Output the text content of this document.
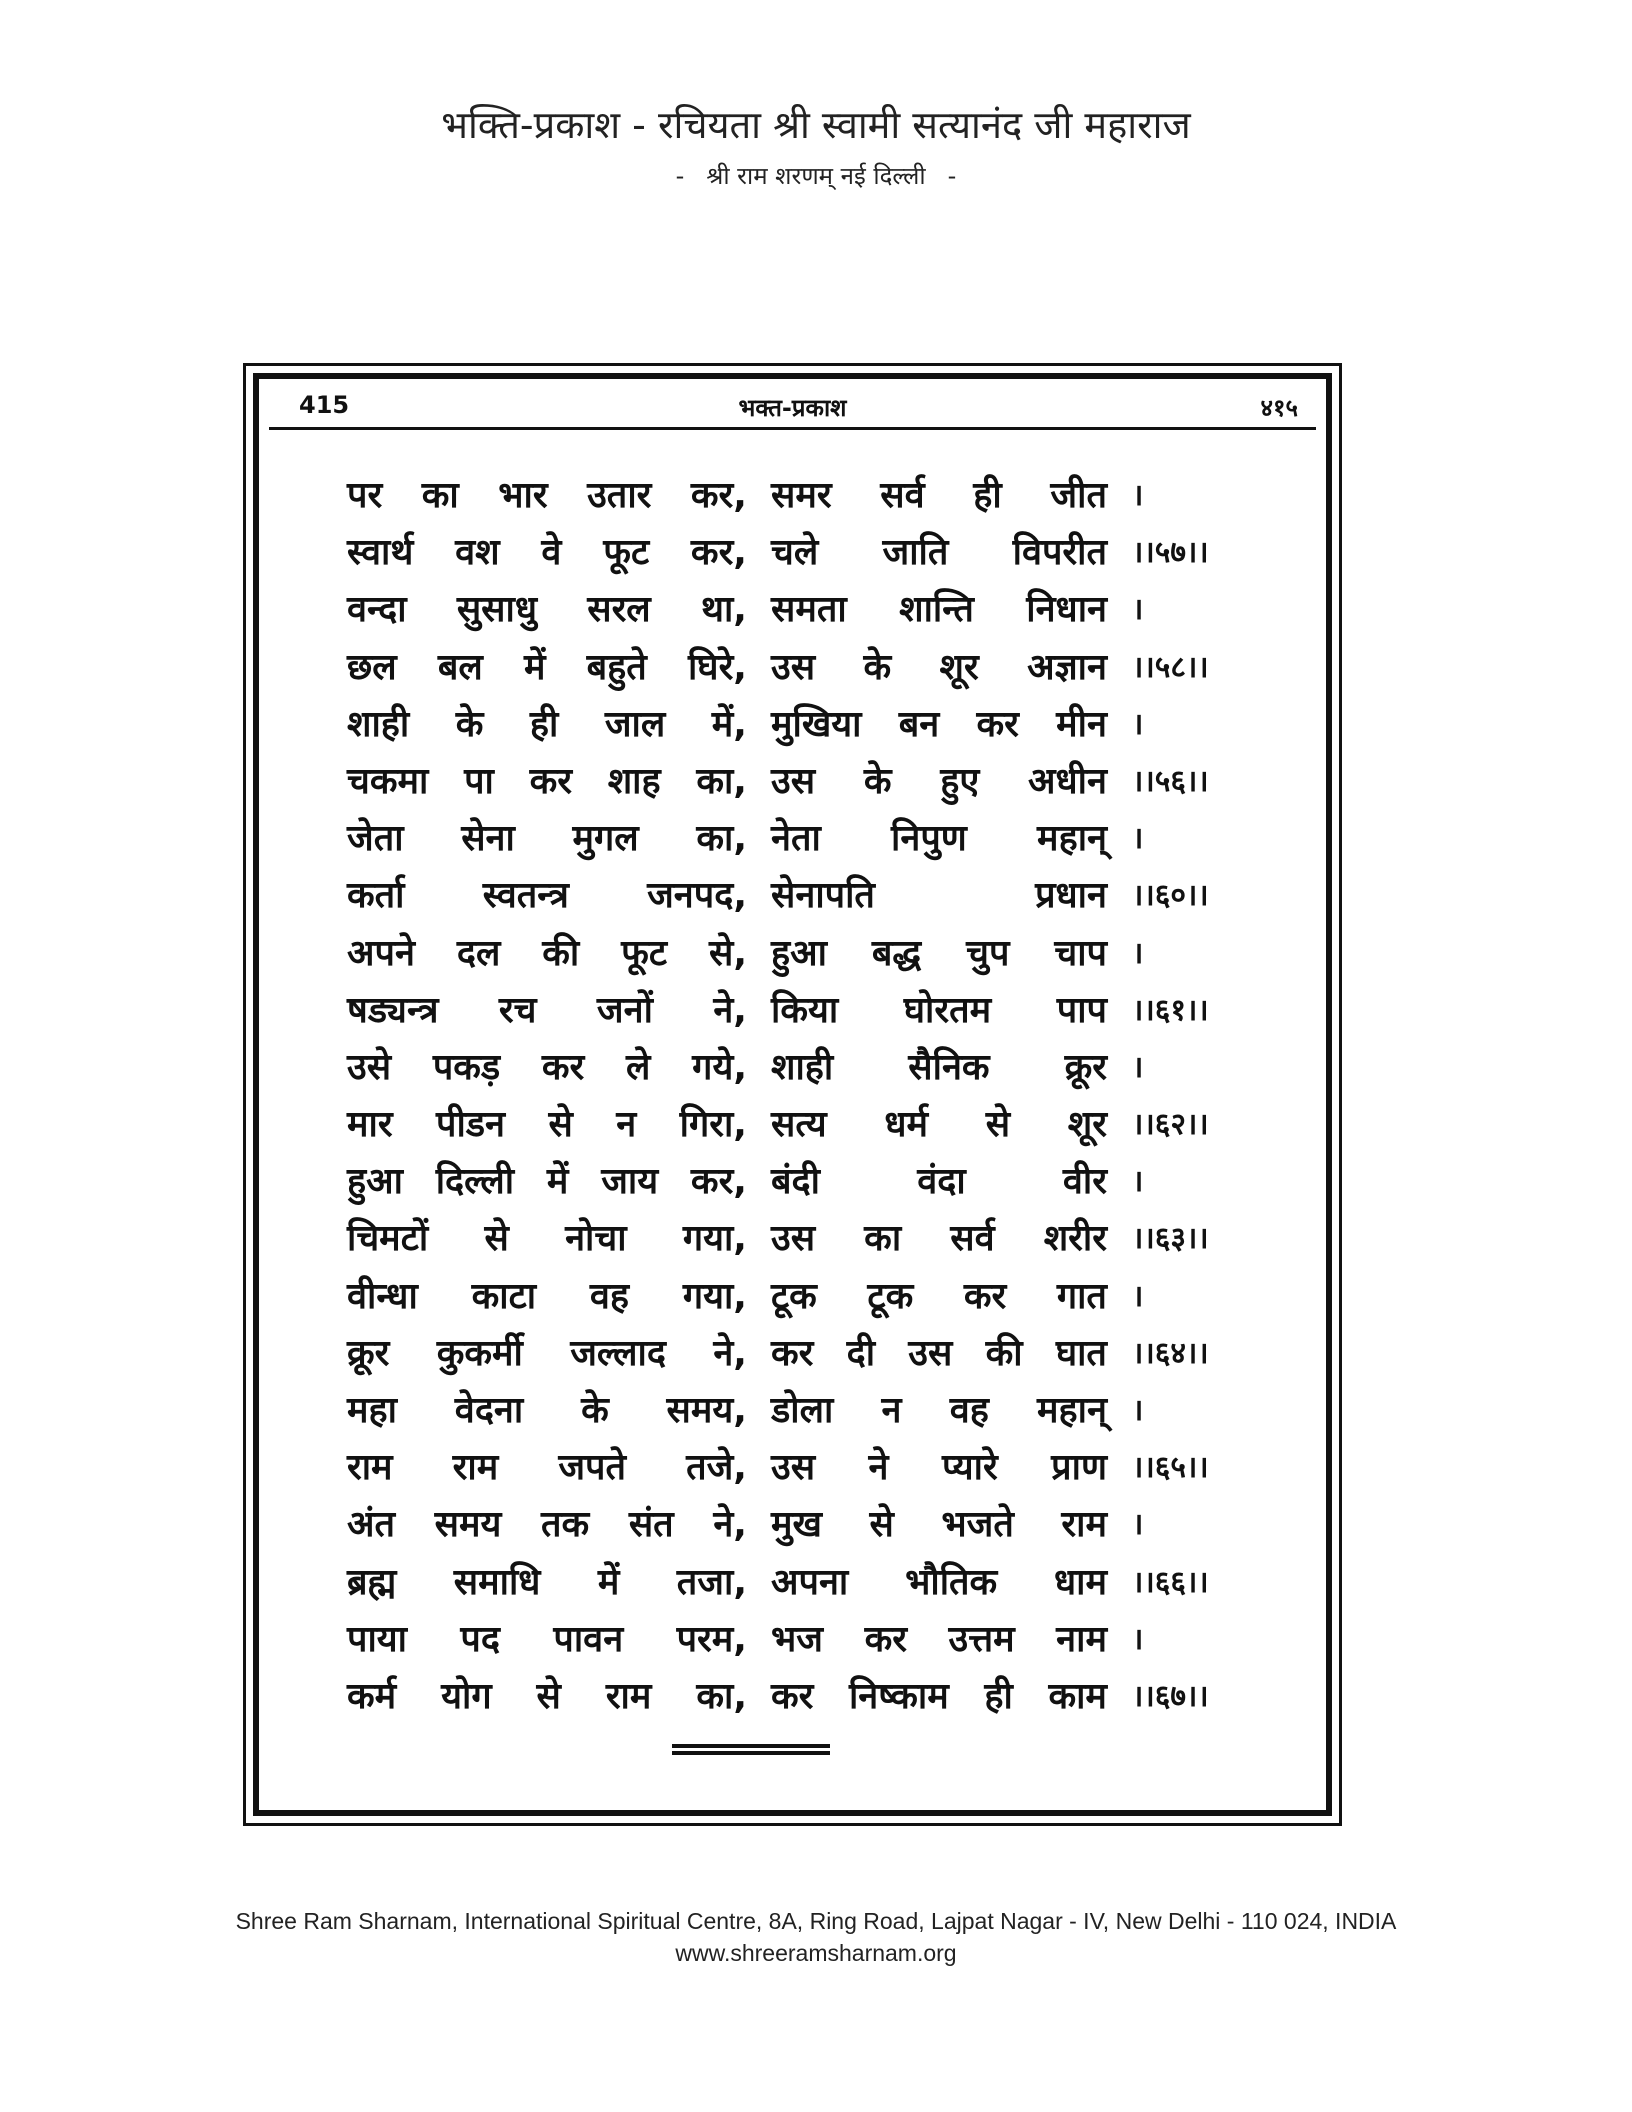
भक्ति-प्रकाश - रचियता श्री स्वामी सत्यानंद जी महाराज
- श्री राम शरणम् नई दिल्ली -
415	भक्त-प्रकाश	४१५
पर का भार उतार कर, समर सर्व ही जीत ।
स्वार्थ वश वे फूट कर, चले जाति विपरीत ।।५७।।
वन्दा सुसाधु सरल था, समता शान्ति निधान ।
छल बल में बहुते घिरे, उस के शूर अज्ञान ।।५८।।
शाही के ही जाल में, मुखिया बन कर मीन ।
चकमा पा कर शाह का, उस के हुए अधीन ।।५६।।
जेता सेना मुगल का, नेता निपुण महान् ।
कर्ता स्वतन्त्र जनपद, सेनापति	प्रधान ।।६०।।
अपने दल की फूट से, हुआ बद्ध चुप चाप ।
षड्यन्त्र रच जनों ने, किया घोरतम पाप ।।६१।।
उसे पकड़ कर ले गये, शाही सैनिक क्रूर ।
मार पीडन से न गिरा, सत्य धर्म से शूर ।।६२।।
हुआ दिल्ली में जाय कर, बंदी	वंदा	वीर ।
चिमटों से नोचा गया, उस का सर्व शरीर ।।६३।।
वीन्धा काटा वह गया, टूक टूक कर गात ।
क्रूर कुकर्मी जल्लाद ने, कर दी उस की घात ।।६४।।
महा वेदना के समय, डोला न वह महान् ।
राम राम जपते तजे, उस ने प्यारे प्राण ।।६५।।
अंत समय तक संत ने, मुख से भजते राम ।
ब्रह्म समाधि में तजा, अपना भौतिक धाम ।।६६।।
पाया पद पावन परम, भज कर उत्तम नाम ।
कर्म योग से राम का, कर निष्काम ही काम ।।६७।।
Shree Ram Sharnam, International Spiritual Centre, 8A, Ring Road, Lajpat Nagar - IV, New Delhi - 110 024, INDIA
www.shreeramsharnam.org
